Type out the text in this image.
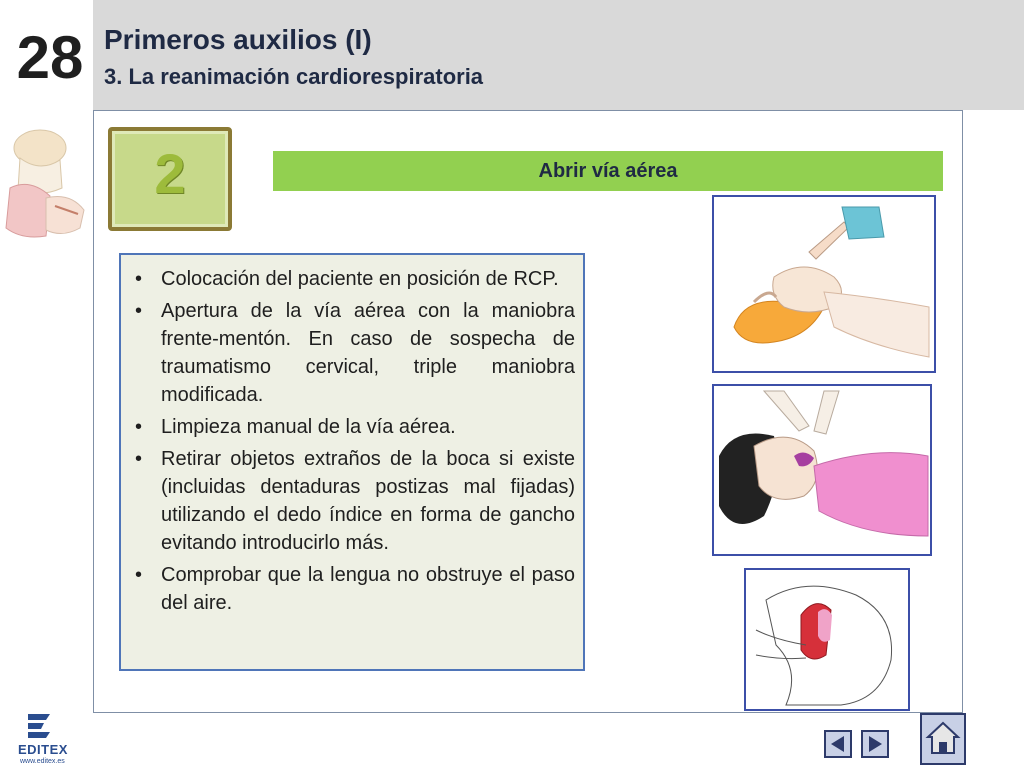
28 Primeros auxilios (I)
3. La reanimación cardiorespiratoria
2	Abrir vía aérea
• Colocación del paciente en posición de RCP.
• Apertura de la vía aérea con la maniobra frente-mentón. En caso de sospecha de traumatismo cervical, triple maniobra modificada.
• Limpieza manual de la vía aérea.
• Retirar objetos extraños de la boca si existe (incluidas dentaduras postizas mal fijadas) utilizando el dedo índice en forma de gancho evitando introducirlo más.
• Comprobar que la lengua no obstruye el paso del aire.
EDITEX
www.editex.es
